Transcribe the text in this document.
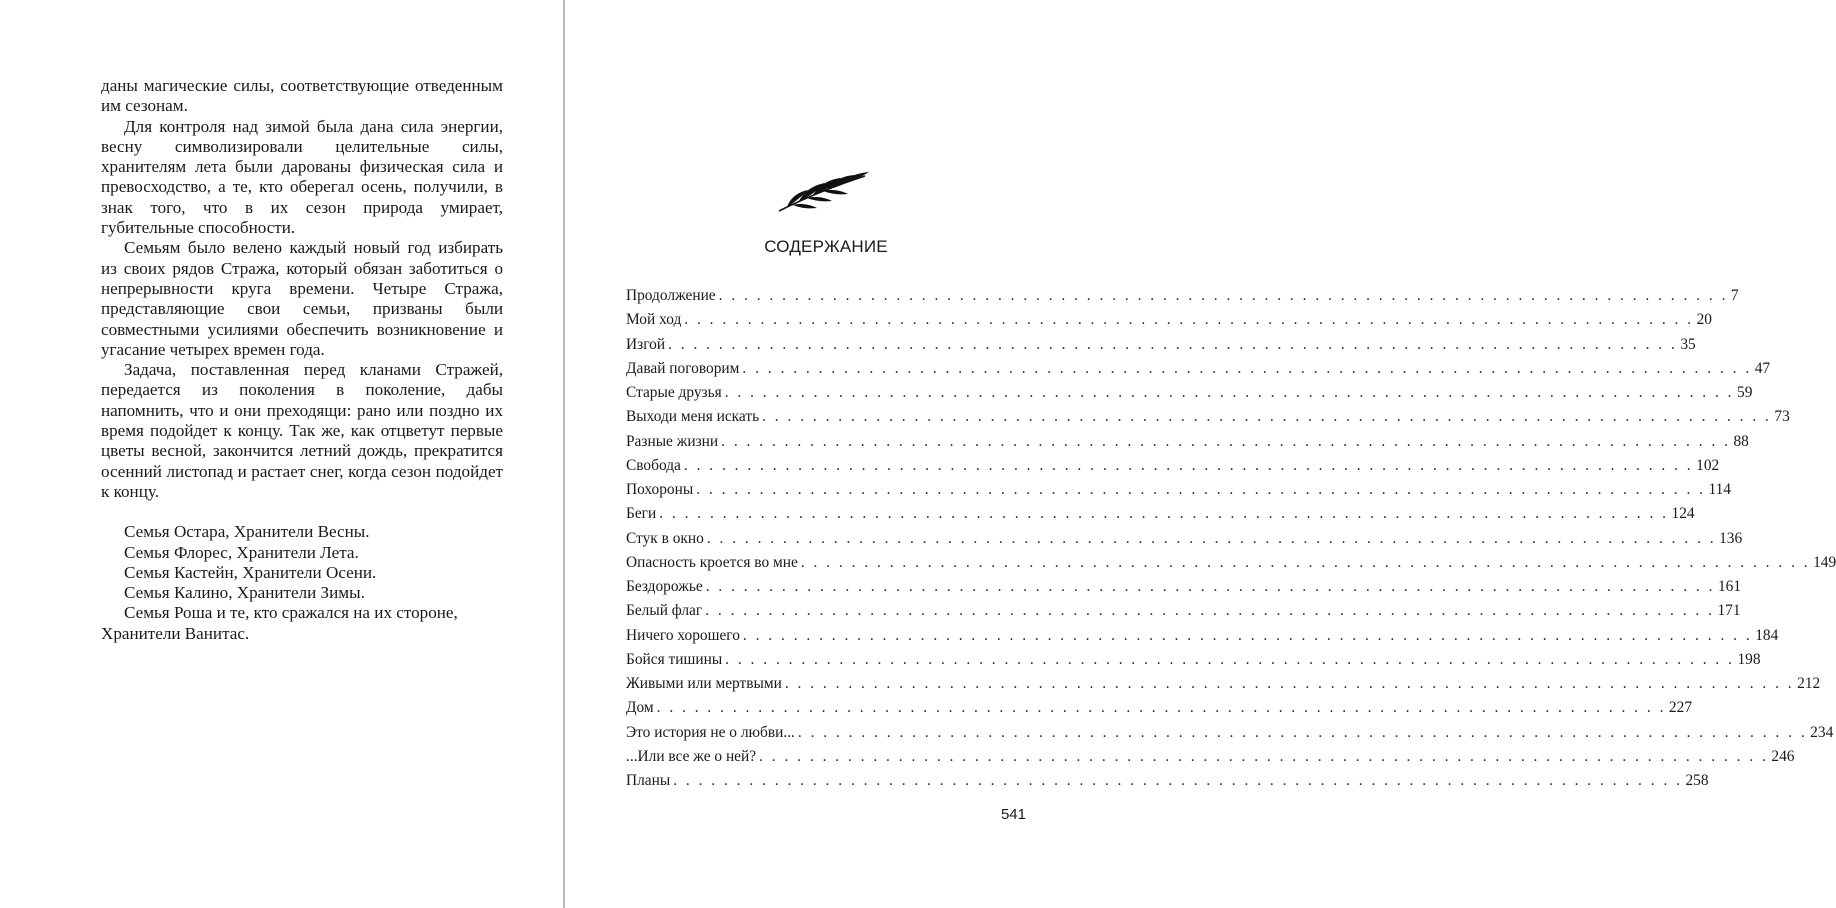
даны магические силы, соответствующие отведенным им сезонам.

Для контроля над зимой была дана сила энергии, весну символизировали целительные силы, хранителям лета были дарованы физическая сила и превосходство, а те, кто оберегал осень, получили, в знак того, что в их сезон природа умирает, губительные способности.

Семьям было велено каждый новый год избирать из своих рядов Стража, который обязан заботиться о непрерывности круга времени. Четыре Стража, представляющие свои семьи, призваны были совместными усилиями обеспечить возникновение и угасание четырех времен года.

Задача, поставленная перед кланами Стражей, передается из поколения в поколение, дабы напомнить, что и они преходящи: рано или поздно их время подойдет к концу. Так же, как отцветут первые цветы весной, закончится летний дождь, прекратится осенний листопад и растает снег, когда сезон подойдет к концу.

Семья Остара, Хранители Весны.
Семья Флорес, Хранители Лета.
Семья Кастейн, Хранители Осени.
Семья Калино, Хранители Зимы.
Семья Роша и те, кто сражался на их стороне,
Хранители Ванитас.
СОДЕРЖАНИЕ
Продолжение . . . . . . . . . . . . . . . . . . . . . . . . . . . . . . . . . . . . . . . . . . . . . . . . . . . . . . . . . . . . . . . . . . . . . . . . . . . . . . . . 7
Мой ход . . . . . . . . . . . . . . . . . . . . . . . . . . . . . . . . . . . . . . . . . . . . . . . . . . . . . . . . . . . . . . . . . . . . . . . . . . . . . . . . 20
Изгой . . . . . . . . . . . . . . . . . . . . . . . . . . . . . . . . . . . . . . . . . . . . . . . . . . . . . . . . . . . . . . . . . . . . . . . . . . . . . . . . 35
Давай поговорим . . . . . . . . . . . . . . . . . . . . . . . . . . . . . . . . . . . . . . . . . . . . . . . . . . . . . . . . . . . . . . . . . . . . . . . . . . . . . . . . 47
Старые друзья . . . . . . . . . . . . . . . . . . . . . . . . . . . . . . . . . . . . . . . . . . . . . . . . . . . . . . . . . . . . . . . . . . . . . . . . . . . . . . . . 59
Выходи меня искать . . . . . . . . . . . . . . . . . . . . . . . . . . . . . . . . . . . . . . . . . . . . . . . . . . . . . . . . . . . . . . . . . . . . . . . . . . . . . . . . 73
Разные жизни . . . . . . . . . . . . . . . . . . . . . . . . . . . . . . . . . . . . . . . . . . . . . . . . . . . . . . . . . . . . . . . . . . . . . . . . . . . . . . . . 88
Свобода . . . . . . . . . . . . . . . . . . . . . . . . . . . . . . . . . . . . . . . . . . . . . . . . . . . . . . . . . . . . . . . . . . . . . . . . . . . . . . . . 102
Похороны . . . . . . . . . . . . . . . . . . . . . . . . . . . . . . . . . . . . . . . . . . . . . . . . . . . . . . . . . . . . . . . . . . . . . . . . . . . . . . . . 114
Беги . . . . . . . . . . . . . . . . . . . . . . . . . . . . . . . . . . . . . . . . . . . . . . . . . . . . . . . . . . . . . . . . . . . . . . . . . . . . . . . . 124
Стук в окно . . . . . . . . . . . . . . . . . . . . . . . . . . . . . . . . . . . . . . . . . . . . . . . . . . . . . . . . . . . . . . . . . . . . . . . . . . . . . . . . 136
Опасность кроется во мне . . . . . . . . . . . . . . . . . . . . . . . . . . . . . . . . . . . . . . . . . . . . . . . . . . . . . . . . . . . . . . . . . . . . . . . . . . . . . . . . 149
Бездорожье . . . . . . . . . . . . . . . . . . . . . . . . . . . . . . . . . . . . . . . . . . . . . . . . . . . . . . . . . . . . . . . . . . . . . . . . . . . . . . . . 161
Белый флаг . . . . . . . . . . . . . . . . . . . . . . . . . . . . . . . . . . . . . . . . . . . . . . . . . . . . . . . . . . . . . . . . . . . . . . . . . . . . . . . . 171
Ничего хорошего . . . . . . . . . . . . . . . . . . . . . . . . . . . . . . . . . . . . . . . . . . . . . . . . . . . . . . . . . . . . . . . . . . . . . . . . . . . . . . . . 184
Бойся тишины . . . . . . . . . . . . . . . . . . . . . . . . . . . . . . . . . . . . . . . . . . . . . . . . . . . . . . . . . . . . . . . . . . . . . . . . . . . . . . . . 198
Живыми или мертвыми . . . . . . . . . . . . . . . . . . . . . . . . . . . . . . . . . . . . . . . . . . . . . . . . . . . . . . . . . . . . . . . . . . . . . . . . . . . . . . . . 212
Дом . . . . . . . . . . . . . . . . . . . . . . . . . . . . . . . . . . . . . . . . . . . . . . . . . . . . . . . . . . . . . . . . . . . . . . . . . . . . . . . . 227
Это история не о любви... . . . . . . . . . . . . . . . . . . . . . . . . . . . . . . . . . . . . . . . . . . . . . . . . . . . . . . . . . . . . . . . . . . . . . . . . . . . . . . . . 234
...Или все же о ней? . . . . . . . . . . . . . . . . . . . . . . . . . . . . . . . . . . . . . . . . . . . . . . . . . . . . . . . . . . . . . . . . . . . . . . . . . . . . . . . . 246
Планы . . . . . . . . . . . . . . . . . . . . . . . . . . . . . . . . . . . . . . . . . . . . . . . . . . . . . . . . . . . . . . . . . . . . . . . . . . . . . . . . 258
541
